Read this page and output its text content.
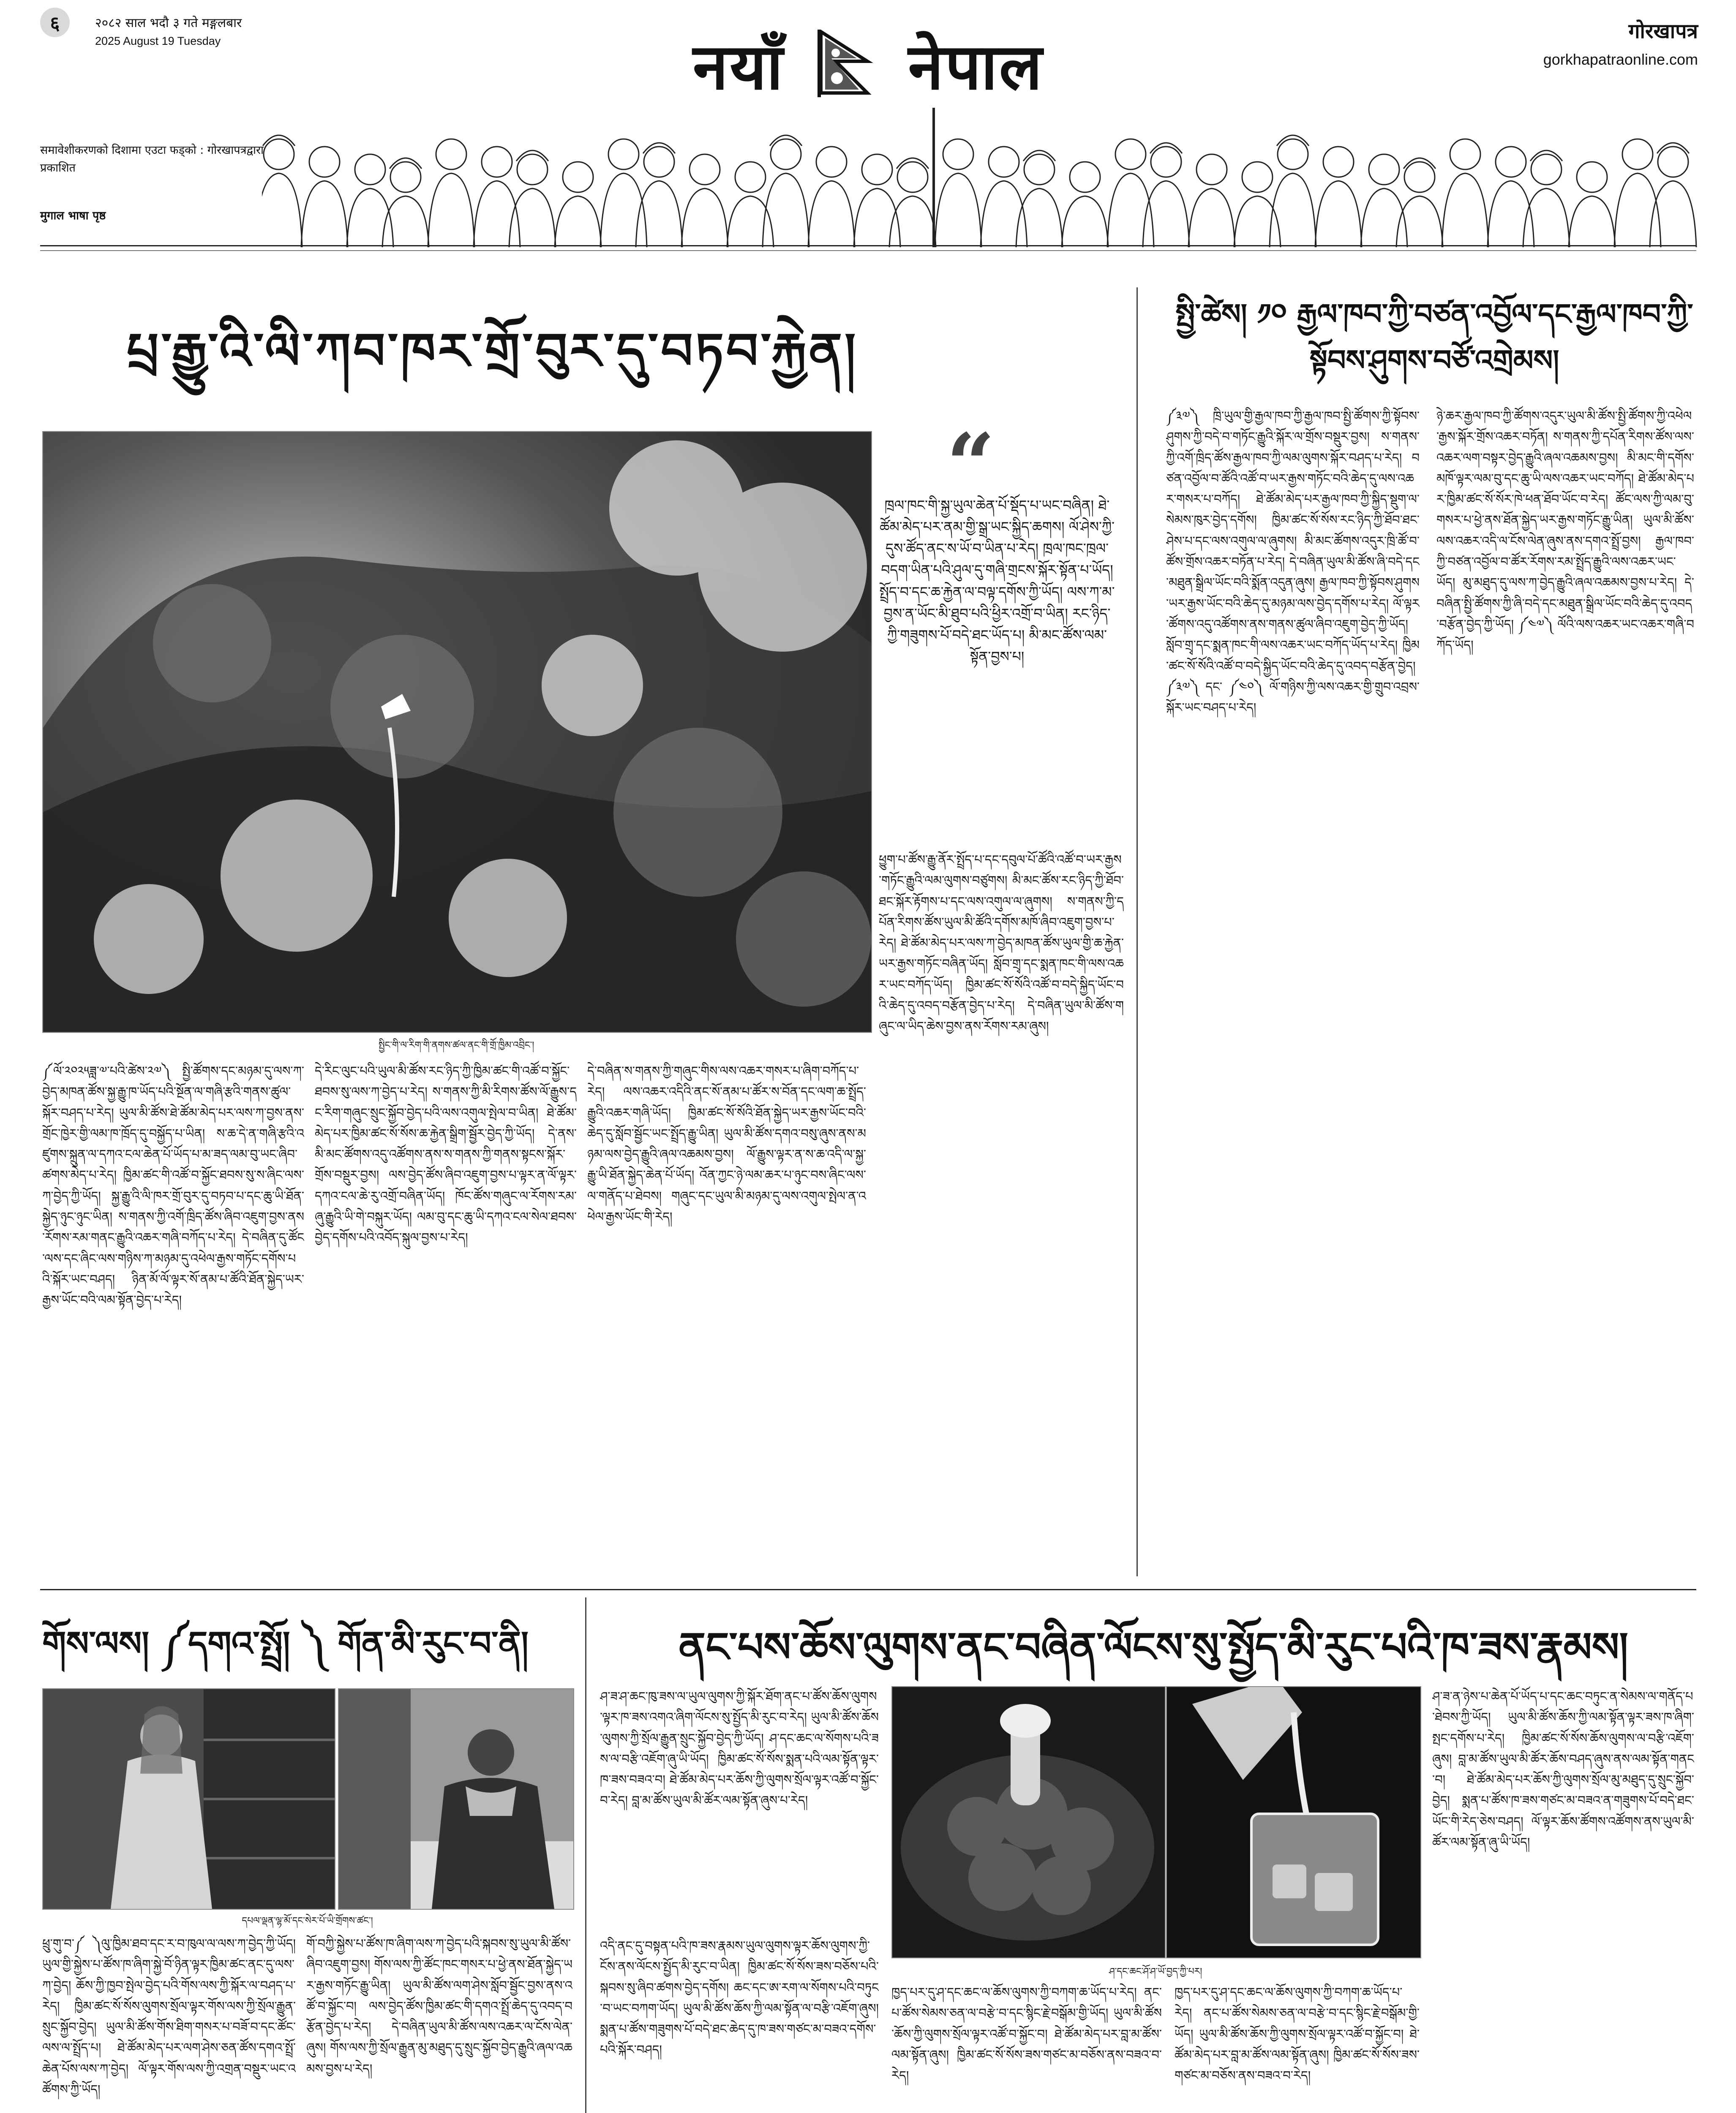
६	२०८२ साल भदौ ३ गते मङ्गलबार
2025 August 19 Tuesday	नयाँ नेपाल	गोरखापत्र
gorkhapatraonline.com
समावेशीकरणको दिशामा एउटा फड्को : गोरखापत्रद्वारा प्रकाशित
मुगाल भाषा पृष्ठ
པྲ་རྒྱུ་འི་ལི་ཀབ་ཁར་གྲོ་བུར་དུ་བཏབ་རྐྱེན།
སྤྱིང་གི་ལ་རིག་གི་ནགས་ཚལ་ནང་གི་གྲོ་ཁྱིམ་འབྲིང་།
“
ཁྲལ་ཁང་གི་སྐྱ་ཡུལ་ཆེན་པོ་སྡོད་པ་ཡང་བཞིན། ཐེ་ཚོམ་མེད་པར་ནམ་གྱི་སྒྲ་ཡང་སྐྱིད་ཆགས། ལོ་ཤེས་ཀྱི་དུས་ཚོད་ནང་ས་ཡོ་བ་ཡིན་པ་རེད། ཁྲལ་ཁང་ཁྲལ་བདག་ཡིན་པའི་ཤུལ་དུ་གཞི་གྲངས་སྐོར་སྟོན་པ་ཡོད། སྤྲོད་བ་དང་ཆ་རྐྱེན་ལ་བལྟ་དགོས་ཀྱི་ཡོད། ལས་ཀ་མ་བྱས་ན་ཡོང་མི་ཐུབ་པའི་ཕྱིར་འགྲོ་བ་ཡིན། རང་ཉིད་ཀྱི་གཟུགས་པོ་བདེ་ཐང་ཡོད་པ། མི་མང་ཚོས་ལམ་སྟོན་བྱས་པ།
ཕྱུག་པ་ཚོས་རྒྱུ་ནོར་སྤྲོད་པ་དང་དབུལ་པོ་ཚོའི་འཚོ་བ་ཡར་རྒྱས་གཏོང་རྒྱུའི་ལམ་ལུགས་བཙུགས། མི་མང་ཚོས་རང་ཉིད་ཀྱི་ཐོབ་ཐང་སྐོར་རྟོགས་པ་དང་ལས་འགུལ་ལ་ཞུགས། ས་གནས་ཀྱི་དཔོན་རིགས་ཚོས་ཡུལ་མི་ཚོའི་དགོས་མཁོ་ཞིབ་འཇུག་བྱས་པ་རེད། ཐེ་ཚོམ་མེད་པར་ལས་ཀ་བྱེད་མཁན་ཚོས་ཡུལ་གྱི་ཆ་རྐྱེན་ཡར་རྒྱས་གཏོང་བཞིན་ཡོད། སློབ་གྲྭ་དང་སྨན་ཁང་གི་ལས་འཆར་ཡང་བཀོད་ཡོད། ཁྱིམ་ཚང་སོ་སོའི་འཚོ་བ་བདེ་སྐྱིད་ཡོང་བའི་ཆེད་དུ་འབད་བརྩོན་བྱེད་པ་རེད། དེ་བཞིན་ཡུལ་མི་ཚོས་གཞུང་ལ་ཡིད་ཆེས་བྱས་ནས་རོགས་རམ་ཞུས།
༼ལོ་༢༠༢༥ཟླ་༧་པའི་ཚེས་༢༧༽ སྤྱི་ཚོགས་དང་མཉམ་དུ་ལས་ཀ་བྱེད་མཁན་ཚོས་སྐྱ་རྒྱུ་ཁ་ཡོད་པའི་སྔོན་ལ་གཞི་རྩའི་གནས་ཚུལ་སྐོར་བཤད་པ་རེད། ཡུལ་མི་ཚོས་ཐེ་ཚོམ་མེད་པར་ལས་ཀ་བྱས་ནས་གྲོང་ཁྱེར་གྱི་ལམ་ཁ་ཁྲོད་དུ་བསྐྱོད་པ་ཡིན། ས་ཆ་དེ་ན་གཞི་རྩའི་འཛུགས་སྐྲུན་ལ་དཀའ་ངལ་ཆེན་པོ་ཡོད་པ་མ་ཟད་ལམ་བུ་ཡང་ཞིབ་ཚགས་མེད་པ་རེད། ཁྱིམ་ཚང་གི་འཚོ་བ་སྐྱོང་ཐབས་སུ་ས་ཞིང་ལས་ཀ་བྱེད་ཀྱི་ཡོད། སྐྱ་རྒྱུ་འི་ལི་ཁར་གྲོ་བུར་དུ་བཏབ་པ་དང་ཆུ་ཡི་ཐོན་སྐྱེད་ཉུང་ཉུང་ཡིན། ས་གནས་ཀྱི་འགོ་ཁྲིད་ཚོས་ཞིབ་འཇུག་བྱས་ནས་རོགས་རམ་གནང་རྒྱུའི་འཆར་གཞི་བཀོད་པ་རེད། དེ་བཞིན་དུ་ཚོང་ལས་དང་ཞིང་ལས་གཉིས་ཀ་མཉམ་དུ་འཕེལ་རྒྱས་གཏོང་དགོས་པའི་སྐོར་ཡང་བཤད། ཉིན་མོ་ལོ་ལྟར་སོ་ནམ་པ་ཚོའི་ཐོན་སྐྱེད་ཡར་རྒྱས་ཡོང་བའི་ལམ་སྟོན་བྱེད་པ་རེད།
དེ་རིང་ལུང་པའི་ཡུལ་མི་ཚོས་རང་ཉིད་ཀྱི་ཁྱིམ་ཚང་གི་འཚོ་བ་སྐྱོང་ཐབས་སུ་ལས་ཀ་བྱེད་པ་རེད། ས་གནས་ཀྱི་མི་རིགས་ཚོས་ལོ་རྒྱུས་དང་རིག་གཞུང་སྲུང་སྐྱོབ་བྱེད་པའི་ལས་འགུལ་སྤེལ་བ་ཡིན། ཐེ་ཚོམ་མེད་པར་ཁྱིམ་ཚང་སོ་སོས་ཆ་རྐྱེན་སྒྲིག་སྦྱོར་བྱེད་ཀྱི་ཡོད། དེ་ནས་མི་མང་ཚོགས་འདུ་འཚོགས་ནས་ས་གནས་ཀྱི་གནས་སྟངས་སྐོར་གྲོས་བསྡུར་བྱས། ལས་བྱེད་ཚོས་ཞིབ་འཇུག་བྱས་པ་ལྟར་ན་ལོ་ལྟར་དཀའ་ངལ་ཆེ་རུ་འགྲོ་བཞིན་ཡོད། ཁོང་ཚོས་གཞུང་ལ་རོགས་རམ་ཞུ་རྒྱུའི་ཡི་གེ་བསྐུར་ཡོད། ལམ་བུ་དང་ཆུ་ཡི་དཀའ་ངལ་སེལ་ཐབས་བྱེད་དགོས་པའི་འབོད་སྐུལ་བྱས་པ་རེད།
དེ་བཞིན་ས་གནས་ཀྱི་གཞུང་གིས་ལས་འཆར་གསར་པ་ཞིག་བཀོད་པ་རེད། ལས་འཆར་འདིའི་ནང་སོ་ནམ་པ་ཚོར་ས་བོན་དང་ལག་ཆ་སྤྲོད་རྒྱུའི་འཆར་གཞི་ཡོད། ཁྱིམ་ཚང་སོ་སོའི་ཐོན་སྐྱེད་ཡར་རྒྱས་ཡོང་བའི་ཆེད་དུ་སློབ་སྦྱོང་ཡང་སྤྲོད་རྒྱུ་ཡིན། ཡུལ་མི་ཚོས་དགའ་བསུ་ཞུས་ནས་མཉམ་ལས་བྱེད་རྒྱུའི་ཞལ་འཆམས་བྱས། ལོ་རྒྱུས་ལྟར་ན་ས་ཆ་འདི་ལ་སྐྱ་རྒྱུ་ཡི་ཐོན་སྐྱེད་ཆེན་པོ་ཡོད། འོན་ཀྱང་ཉེ་ལམ་ཆར་པ་ཉུང་བས་ཞིང་ལས་ལ་གནོད་པ་ཐེབས། གཞུང་དང་ཡུལ་མི་མཉམ་དུ་ལས་འགུལ་སྤེལ་ན་འཕེལ་རྒྱས་ཡོང་གི་རེད།
སྤྱི་ཚེས། ༡༠ རྒྱལ་ཁབ་ཀྱི་བཙན་འབྱོལ་དང་རྒྱལ་ཁབ་ཀྱི་སྟོབས་ཤུགས་བཙོ་འགྲེམས།
༼༣༧༽ ཁྲི་ཡུལ་གྱི་རྒྱལ་ཁབ་ཀྱི་རྒྱལ་ཁབ་སྤྱི་ཚོགས་ཀྱི་སྟོབས་ཤུགས་ཀྱི་བདེ་བ་གཏོང་རྒྱུའི་སྐོར་ལ་གྲོས་བསྡུར་བྱས། ས་གནས་ཀྱི་འགོ་ཁྲིད་ཚོས་རྒྱལ་ཁབ་ཀྱི་ལམ་ལུགས་སྐོར་བཤད་པ་རེད། བཙན་འབྱོལ་བ་ཚོའི་འཚོ་བ་ཡར་རྒྱས་གཏོང་བའི་ཆེད་དུ་ལས་འཆར་གསར་པ་བཀོད། ཐེ་ཚོམ་མེད་པར་རྒྱལ་ཁབ་ཀྱི་སྐྱིད་སྡུག་ལ་སེམས་ཁུར་བྱེད་དགོས། ཁྱིམ་ཚང་སོ་སོས་རང་ཉིད་ཀྱི་ཐོབ་ཐང་ཤེས་པ་དང་ལས་འགུལ་ལ་ཞུགས། མི་མང་ཚོགས་འདུར་ཁྲི་ཚོ་བ་ཚོས་གྲོས་འཆར་བཏོན་པ་རེད། དེ་བཞིན་ཡུལ་མི་ཚོས་ཞི་བདེ་དང་མཐུན་སྒྲིལ་ཡོང་བའི་སྨོན་འདུན་ཞུས། རྒྱལ་ཁབ་ཀྱི་སྟོབས་ཤུགས་ཡར་རྒྱས་ཡོང་བའི་ཆེད་དུ་མཉམ་ལས་བྱེད་དགོས་པ་རེད། ལོ་ལྟར་ཚོགས་འདུ་འཚོགས་ནས་གནས་ཚུལ་ཞིབ་འཇུག་བྱེད་ཀྱི་ཡོད། སློབ་གྲྭ་དང་སྨན་ཁང་གི་ལས་འཆར་ཡང་བཀོད་ཡོད་པ་རེད། ཁྱིམ་ཚང་སོ་སོའི་འཚོ་བ་བདེ་སྐྱིད་ཡོང་བའི་ཆེད་དུ་འབད་བརྩོན་བྱེད། ༼༣༧༽ དང་ ༼༤༠༽ ལོ་གཉིས་ཀྱི་ལས་འཆར་གྱི་གྲུབ་འབྲས་སྐོར་ཡང་བཤད་པ་རེད།
ཉེ་ཆར་རྒྱལ་ཁབ་ཀྱི་ཚོགས་འདུར་ཡུལ་མི་ཚོས་སྤྱི་ཚོགས་ཀྱི་འཕེལ་རྒྱས་སྐོར་གྲོས་འཆར་བཏོན། ས་གནས་ཀྱི་དཔོན་རིགས་ཚོས་ལས་འཆར་ལག་བསྟར་བྱེད་རྒྱུའི་ཞལ་འཆམས་བྱས། མི་མང་གི་དགོས་མཁོ་ལྟར་ལམ་བུ་དང་ཆུ་ཡི་ལས་འཆར་ཡང་བཀོད། ཐེ་ཚོམ་མེད་པར་ཁྱིམ་ཚང་སོ་སོར་ཁེ་ཕན་ཐོབ་ཡོང་བ་རེད། ཚོང་ལས་ཀྱི་ལམ་བུ་གསར་པ་ཕྱེ་ནས་ཐོན་སྐྱེད་ཡར་རྒྱས་གཏོང་རྒྱུ་ཡིན། ཡུལ་མི་ཚོས་ལས་འཆར་འདི་ལ་ངོས་ལེན་ཞུས་ནས་དགའ་སྤྲོ་བྱས། རྒྱལ་ཁབ་ཀྱི་བཙན་འབྱོལ་བ་ཚོར་རོགས་རམ་སྤྲོད་རྒྱུའི་ལས་འཆར་ཡང་ཡོད། མུ་མཐུད་དུ་ལས་ཀ་བྱེད་རྒྱུའི་ཞལ་འཆམས་བྱས་པ་རེད། དེ་བཞིན་སྤྱི་ཚོགས་ཀྱི་ཞི་བདེ་དང་མཐུན་སྒྲིལ་ཡོང་བའི་ཆེད་དུ་འབད་བརྩོན་བྱེད་ཀྱི་ཡོད། ༼༤༧༽ ལོའི་ལས་འཆར་ཡང་འཆར་གཞི་བཀོད་ཡོད།
གོས་ལས། ༼དགའ་སྤྲོ། ༽ གོན་མི་རུང་བ་ནི།
དཔལ་ལྡན་ལྷ་མོ་དང་སེར་པོ་ཡི་གྲོགས་ཚང་།
ཕྲུ་གུ་བ་༼ ༽ལུ་ཁྱིམ་ཐབ་དང་ར་བ་ཁུལ་ལ་ལས་ཀ་བྱེད་ཀྱི་ཡོད། ཡུལ་གྱི་སྐྱེས་པ་ཚོས་ཁ་ཞིག་སྐྱེ་བོ་ཉིན་ལྟར་ཁྱིམ་ཚང་ནང་དུ་ལས་ཀ་བྱེད། ཆོས་ཀྱི་ཁྱབ་སྤེལ་བྱེད་པའི་གོས་ལས་ཀྱི་སྐོར་ལ་བཤད་པ་རེད། ཁྱིམ་ཚང་སོ་སོས་ལུགས་སྲོལ་ལྟར་གོས་ལས་ཀྱི་སྲོལ་རྒྱུན་སྲུང་སྐྱོབ་བྱེད། ཡུལ་མི་ཚོས་གོས་ཐིག་གསར་པ་བཟོ་བ་དང་ཚོང་ལས་ལ་སྤྲོད་པ། ཐེ་ཚོམ་མེད་པར་ལག་ཤེས་ཅན་ཚོས་དགའ་སྤྲོ་ཆེན་པོས་ལས་ཀ་བྱེད། ལོ་ལྟར་གོས་ལས་ཀྱི་འགྲན་བསྡུར་ཡང་འཚོགས་ཀྱི་ཡོད།
གོ་བཀྱི་སྐྱེས་པ་ཚོས་ཁ་ཞིག་ལས་ཀ་བྱེད་པའི་སྐབས་སུ་ཡུལ་མི་ཚོས་ཞིབ་འཇུག་བྱས། གོས་ལས་ཀྱི་ཚོང་ཁང་གསར་པ་ཕྱེ་ནས་ཐོན་སྐྱེད་ཡར་རྒྱས་གཏོང་རྒྱུ་ཡིན། ཡུལ་མི་ཚོས་ལག་ཤེས་སློབ་སྦྱོང་བྱས་ནས་འཚོ་བ་སྐྱོང་བ། ལས་བྱེད་ཚོས་ཁྱིམ་ཚང་གི་དགའ་སྤྲོ་ཆེད་དུ་འབད་བརྩོན་བྱེད་པ་རེད། དེ་བཞིན་ཡུལ་མི་ཚོས་ལས་འཆར་ལ་ངོས་ལེན་ཞུས། གོས་ལས་ཀྱི་སྲོལ་རྒྱུན་མུ་མཐུད་དུ་སྲུང་སྐྱོབ་བྱེད་རྒྱུའི་ཞལ་འཆམས་བྱས་པ་རེད།
ནང་པས་ཆོས་ལུགས་ནང་བཞིན་ལོངས་སུ་སྤྱོད་མི་རུང་པའི་ཁ་ཟས་རྣམས།
ཤ་ཟ་ཤ་ཆང་ཁུ་ཟས་ལ་ཡུལ་ལུགས་ཀྱི་སྐོར་ཐོག་ནང་པ་ཚོས་ཆོས་ལུགས་ལྟར་ཁ་ཟས་འགའ་ཞིག་ལོངས་སུ་སྤྱོད་མི་རུང་བ་རེད། ཡུལ་མི་ཚོས་ཆོས་ལུགས་ཀྱི་སྲོལ་རྒྱུན་སྲུང་སྐྱོབ་བྱེད་ཀྱི་ཡོད། ཤ་དང་ཆང་ལ་སོགས་པའི་ཟས་ལ་བརྩི་འཇོག་ཞུ་ཡི་ཡོད། ཁྱིམ་ཚང་སོ་སོས་སྨན་པའི་ལམ་སྟོན་ལྟར་ཁ་ཟས་བཟའ་བ། ཐེ་ཚོམ་མེད་པར་ཆོས་ཀྱི་ལུགས་སྲོལ་ལྟར་འཚོ་བ་སྐྱོང་བ་རེད། བླ་མ་ཚོས་ཡུལ་མི་ཚོར་ལམ་སྟོན་ཞུས་པ་རེད།
ཤ་དང་ཆང་ཤོ་ཤ་ཡོ་བྱད་ཀྱི་པར།
འདི་ནང་དུ་བསྟན་པའི་ཁ་ཟས་རྣམས་ཡུལ་ལུགས་ལྟར་ཆོས་ལུགས་ཀྱི་ངོས་ནས་ལོངས་སྤྱོད་མི་རུང་བ་ཡིན། ཁྱིམ་ཚང་སོ་སོས་ཟས་བཅོས་པའི་སྐབས་སུ་ཞིབ་ཚགས་བྱེད་དགོས། ཆང་དང་ཨ་རག་ལ་སོགས་པའི་བཏུང་བ་ཡང་བཀག་ཡོད། ཡུལ་མི་ཚོས་ཆོས་ཀྱི་ལམ་སྟོན་ལ་བརྩི་འཇོག་ཞུས། སྨན་པ་ཚོས་གཟུགས་པོ་བདེ་ཐང་ཆེད་དུ་ཁ་ཟས་གཙང་མ་བཟའ་དགོས་པའི་སྐོར་བཤད།
ཁྱད་པར་དུ་ཤ་དང་ཆང་ལ་ཆོས་ལུགས་ཀྱི་བཀག་ཆ་ཡོད་པ་རེད། ནང་པ་ཚོས་སེམས་ཅན་ལ་བརྩེ་བ་དང་སྙིང་རྗེ་བསྒོམ་གྱི་ཡོད། ཡུལ་མི་ཚོས་ཆོས་ཀྱི་ལུགས་སྲོལ་ལྟར་འཚོ་བ་སྐྱོང་བ། ཐེ་ཚོམ་མེད་པར་བླ་མ་ཚོས་ལམ་སྟོན་ཞུས། ཁྱིམ་ཚང་སོ་སོས་ཟས་གཙང་མ་བཅོས་ནས་བཟའ་བ་རེད།
ཁྱད་པར་དུ་ཤ་དང་ཆང་ལ་ཆོས་ལུགས་ཀྱི་བཀག་ཆ་ཡོད་པ་རེད། ནང་པ་ཚོས་སེམས་ཅན་ལ་བརྩེ་བ་དང་སྙིང་རྗེ་བསྒོམ་གྱི་ཡོད། ཡུལ་མི་ཚོས་ཆོས་ཀྱི་ལུགས་སྲོལ་ལྟར་འཚོ་བ་སྐྱོང་བ། ཐེ་ཚོམ་མེད་པར་བླ་མ་ཚོས་ལམ་སྟོན་ཞུས། ཁྱིམ་ཚང་སོ་སོས་ཟས་གཙང་མ་བཅོས་ནས་བཟའ་བ་རེད།
ཤ་ཟ་ན་ཉེས་པ་ཆེན་པོ་ཡོད་པ་དང་ཆང་བཏུང་ན་སེམས་ལ་གནོད་པ་ཐེབས་ཀྱི་ཡོད། ཡུལ་མི་ཚོས་ཆོས་ཀྱི་ལམ་སྟོན་ལྟར་ཟས་ཁ་ཞིག་སྤང་དགོས་པ་རེད། ཁྱིམ་ཚང་སོ་སོས་ཆོས་ལུགས་ལ་བརྩི་འཇོག་ཞུས། བླ་མ་ཚོས་ཡུལ་མི་ཚོར་ཆོས་བཤད་ཞུས་ནས་ལམ་སྟོན་གནང་བ། ཐེ་ཚོམ་མེད་པར་ཆོས་ཀྱི་ལུགས་སྲོལ་མུ་མཐུད་དུ་སྲུང་སྐྱོབ་བྱེད། སྨན་པ་ཚོས་ཁ་ཟས་གཙང་མ་བཟའ་ན་གཟུགས་པོ་བདེ་ཐང་ཡོང་གི་རེད་ཅེས་བཤད། ལོ་ལྟར་ཆོས་ཚོགས་འཚོགས་ནས་ཡུལ་མི་ཚོར་ལམ་སྟོན་ཞུ་ཡི་ཡོད།
